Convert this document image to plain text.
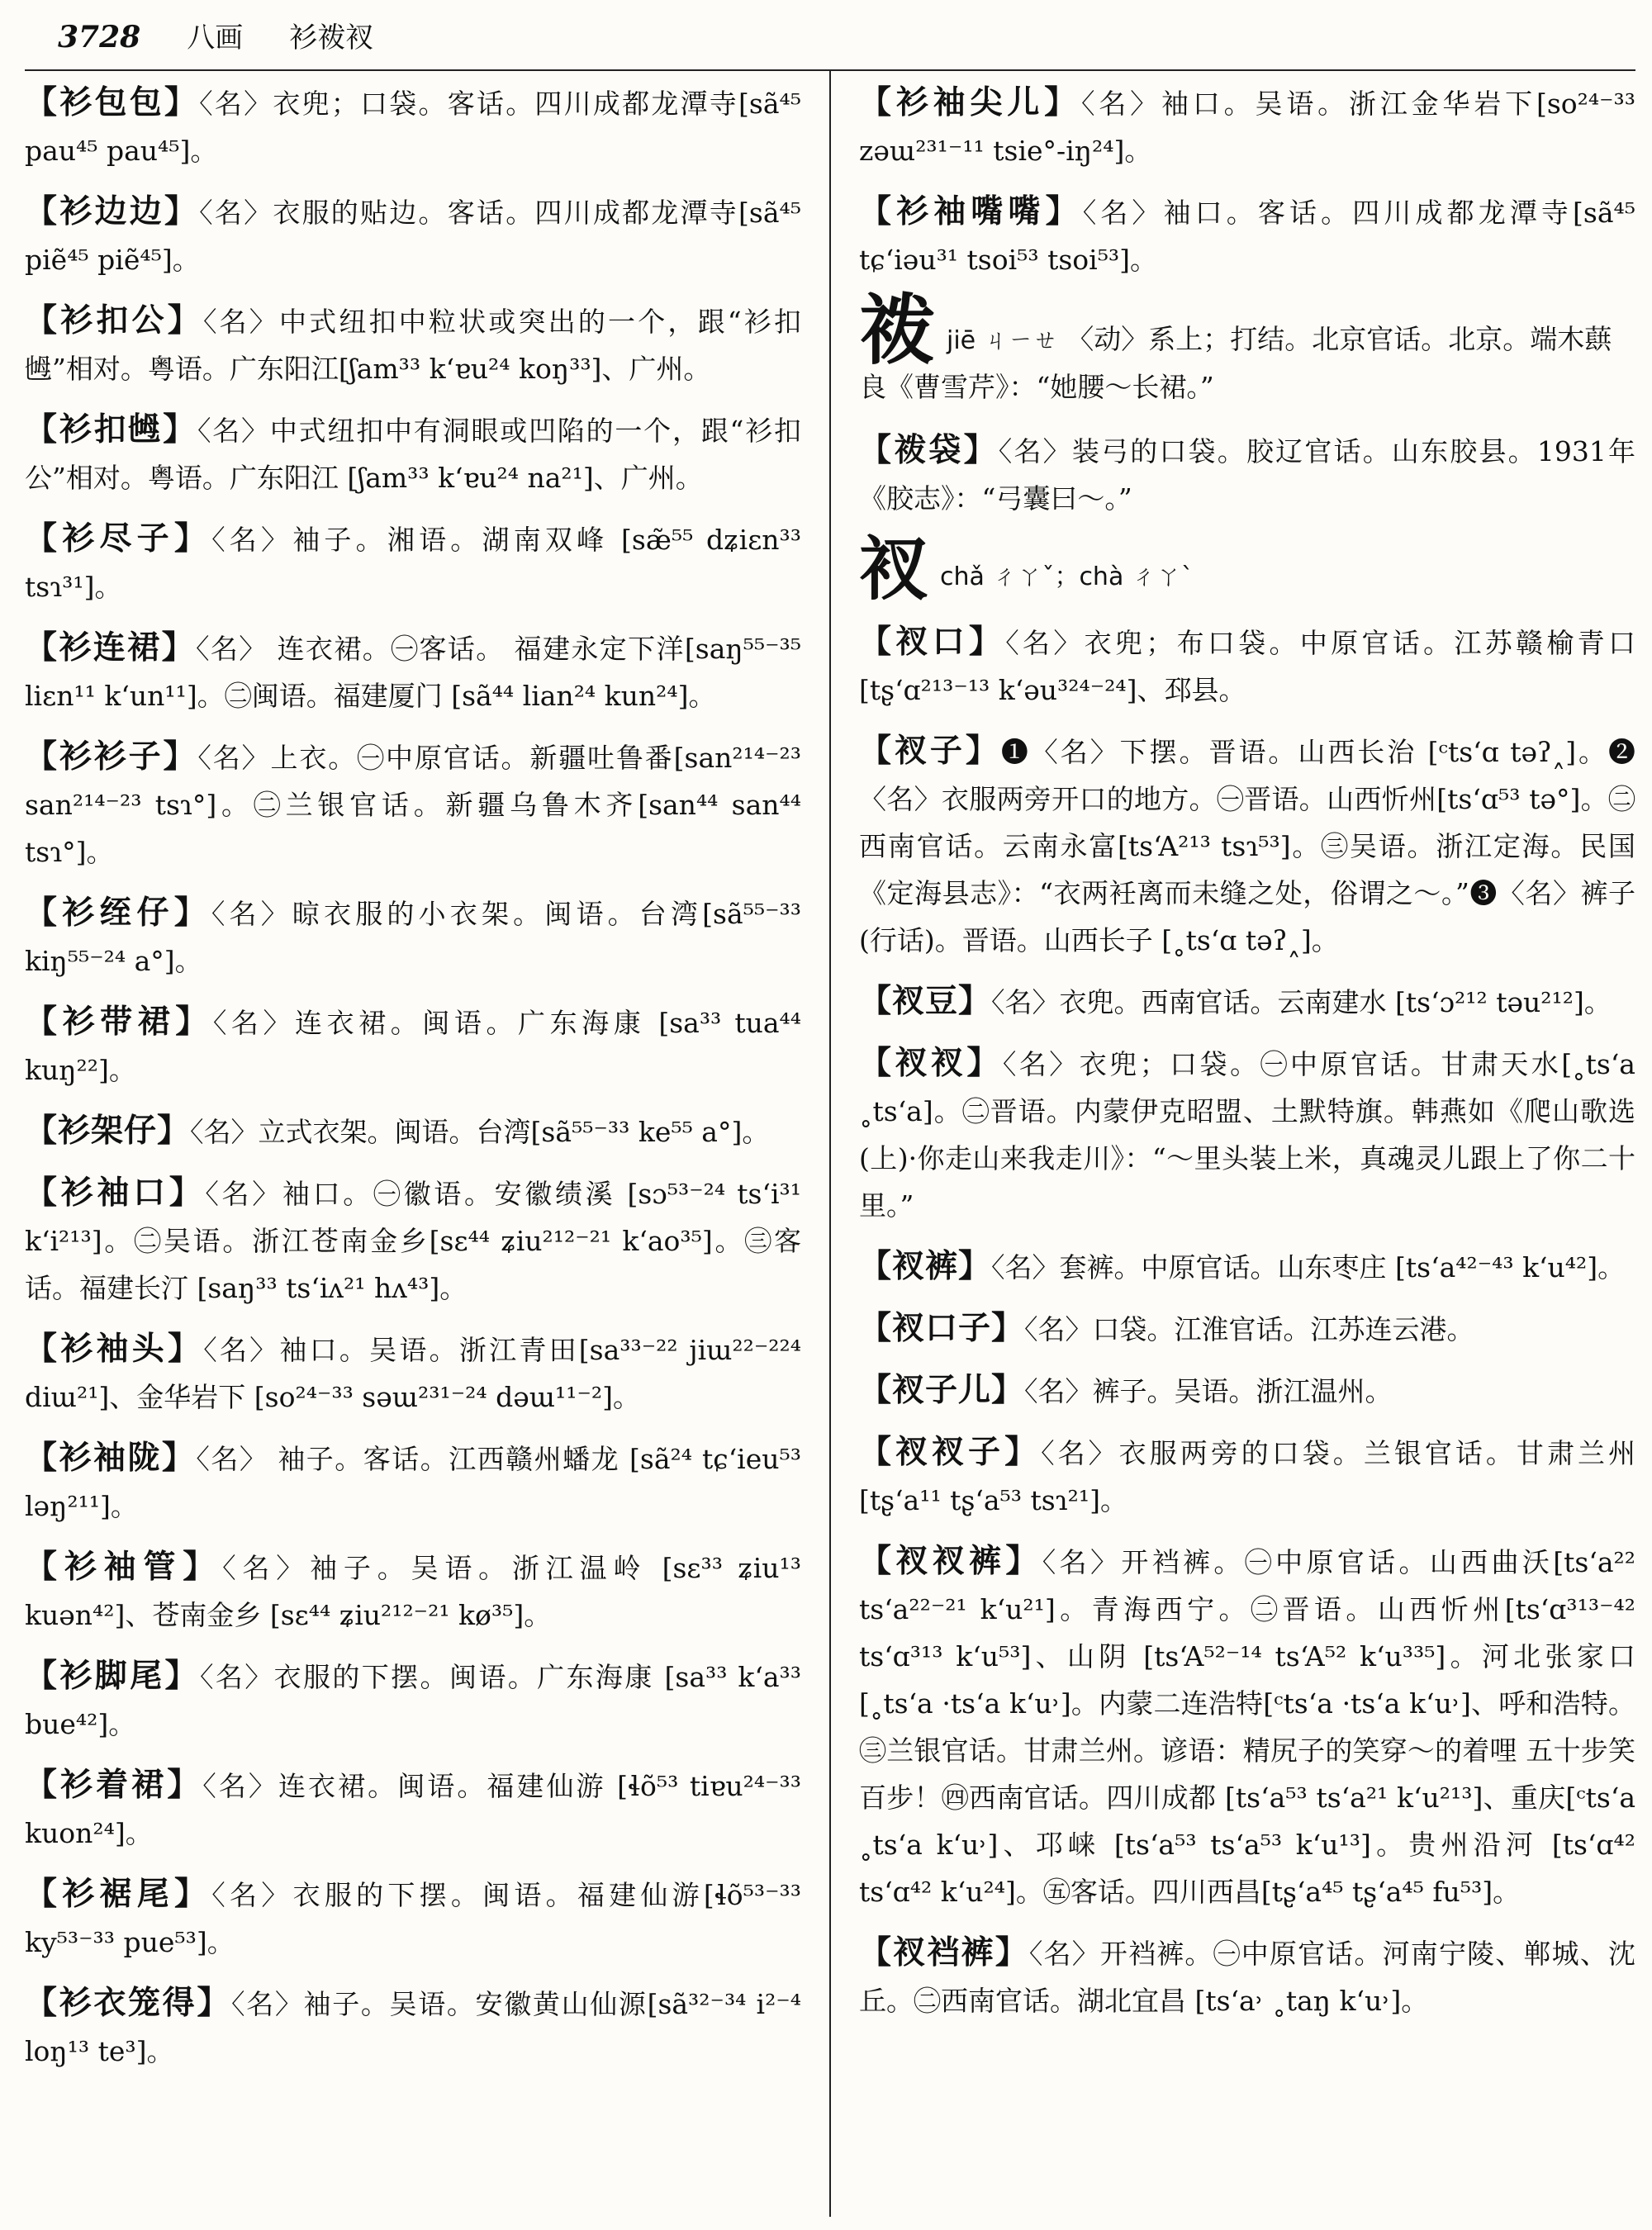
3728 八画 衫袯衩
【衫包包】〈名〉衣兜；口袋。客话。四川成都龙潭寺[sã⁴⁵ pau⁴⁵ pau⁴⁵]。
【衫边边】〈名〉衣服的贴边。客话。四川成都龙潭寺[sã⁴⁵ piẽ⁴⁵ piẽ⁴⁵]。
【衫扣公】〈名〉中式纽扣中粒状或突出的一个，跟“衫扣乸”相对。粤语。广东阳江[ʃam³³ k‘ɐu²⁴ koŋ³³]、广州。
【衫扣乸】〈名〉中式纽扣中有洞眼或凹陷的一个，跟“衫扣公”相对。粤语。广东阳江 [ʃam³³ k‘ɐu²⁴ na²¹]、广州。
【衫尽子】〈名〉袖子。湘语。湖南双峰 [sæ̃⁵⁵ dʑiɛn³³ tsɿ³¹]。
【衫连裙】〈名〉 连衣裙。㊀客话。 福建永定下洋[saŋ⁵⁵⁻³⁵ liɛn¹¹ k‘un¹¹]。㊁闽语。福建厦门 [sã⁴⁴ lian²⁴ kun²⁴]。
【衫衫子】〈名〉上衣。㊀中原官话。新疆吐鲁番[san²¹⁴⁻²³ san²¹⁴⁻²³ tsɿ°]。㊁兰银官话。新疆乌鲁木齐[san⁴⁴ san⁴⁴ tsɿ°]。
【衫绖仔】〈名〉晾衣服的小衣架。闽语。台湾[sã⁵⁵⁻³³ kiŋ⁵⁵⁻²⁴ a°]。
【衫带裙】〈名〉连衣裙。闽语。广东海康 [sa³³ tua⁴⁴ kuŋ²²]。
【衫架仔】〈名〉立式衣架。闽语。台湾[sã⁵⁵⁻³³ ke⁵⁵ a°]。
【衫袖口】〈名〉袖口。㊀徽语。安徽绩溪 [sɔ⁵³⁻²⁴ ts‘i³¹ k‘i²¹³]。㊁吴语。浙江苍南金乡[sɛ⁴⁴ ʑiu²¹²⁻²¹ k‘ao³⁵]。㊂客话。福建长汀 [saŋ³³ ts‘iʌ²¹ hʌ⁴³]。
【衫袖头】〈名〉袖口。吴语。浙江青田[sa³³⁻²² jiɯ²²⁻²²⁴ diɯ²¹]、金华岩下 [so²⁴⁻³³ səɯ²³¹⁻²⁴ dəɯ¹¹⁻²]。
【衫袖陇】〈名〉 袖子。客话。江西赣州蟠龙 [sã²⁴ tɕ‘ieu⁵³ ləŋ²¹¹]。
【衫袖管】〈名〉袖子。吴语。浙江温岭 [sɛ³³ ʑiu¹³ kuən⁴²]、苍南金乡 [sɛ⁴⁴ ʑiu²¹²⁻²¹ kø³⁵]。
【衫脚尾】〈名〉衣服的下摆。闽语。广东海康 [sa³³ k‘a³³ bue⁴²]。
【衫着裙】〈名〉连衣裙。闽语。福建仙游 [ɬõ⁵³ tiɐu²⁴⁻³³ kuon²⁴]。
【衫裾尾】〈名〉衣服的下摆。闽语。福建仙游[ɬõ⁵³⁻³³ ky⁵³⁻³³ pue⁵³]。
【衫衣笼得】〈名〉袖子。吴语。安徽黄山仙源[sã³²⁻³⁴ i²⁻⁴ loŋ¹³ te³]。
【衫袖尖儿】〈名〉袖口。吴语。浙江金华岩下[so²⁴⁻³³ zəɯ²³¹⁻¹¹ tsie°-iŋ²⁴]。
【衫袖嘴嘴】〈名〉袖口。客话。四川成都龙潭寺[sã⁴⁵ tɕ‘iəu³¹ tsoi⁵³ tsoi⁵³]。
袯jiē ㄐㄧㄝ 〈动〉系上；打结。北京官话。北京。端木蕻良《曹雪芹》：“她腰～长裙。”
【袯袋】〈名〉装弓的口袋。胶辽官话。山东胶县。1931年《胶志》：“弓囊曰～。”
衩chǎ ㄔㄚˇ；chà ㄔㄚˋ
【衩口】〈名〉衣兜；布口袋。中原官话。江苏赣榆青口[tʂ‘ɑ²¹³⁻¹³ k‘əu³²⁴⁻²⁴]、邳县。
【衩子】❶〈名〉下摆。晋语。山西长治 [ᶜts‘ɑ təʔ˰]。❷〈名〉衣服两旁开口的地方。㊀晋语。山西忻州[ts‘ɑ⁵³ tə°]。㊁西南官话。云南永富[ts‘A²¹³ tsɿ⁵³]。㊂吴语。浙江定海。民国《定海县志》：“衣两衽离而未缝之处，俗谓之～。”❸〈名〉裤子 (行话)。晋语。山西长子 [˳ts‘ɑ təʔ˰]。
【衩豆】〈名〉衣兜。西南官话。云南建水 [ts‘ɔ²¹² təu²¹²]。
【衩衩】〈名〉衣兜；口袋。㊀中原官话。甘肃天水[˳ts‘a ˳ts‘a]。㊁晋语。内蒙伊克昭盟、土默特旗。韩燕如《爬山歌选(上)·你走山来我走川》：“～里头装上米，真魂灵儿跟上了你二十里。”
【衩裤】〈名〉套裤。中原官话。山东枣庄 [ts‘a⁴²⁻⁴³ k‘u⁴²]。
【衩口子】〈名〉口袋。江淮官话。江苏连云港。
【衩子儿】〈名〉裤子。吴语。浙江温州。
【衩衩子】〈名〉衣服两旁的口袋。兰银官话。甘肃兰州 [tʂ‘a¹¹ tʂ‘a⁵³ tsɿ²¹]。
【衩衩裤】〈名〉开裆裤。㊀中原官话。山西曲沃[ts‘a²² ts‘a²²⁻²¹ k‘u²¹]。青海西宁。㊁晋语。山西忻州[ts‘ɑ³¹³⁻⁴² ts‘ɑ³¹³ k‘u⁵³]、山阴 [ts‘A⁵²⁻¹⁴ ts‘A⁵² k‘u³³⁵]。河北张家口[˳ts‘a ·ts‘a k‘u˒]。内蒙二连浩特[ᶜts‘a ·ts‘a k‘u˒]、呼和浩特。㊂兰银官话。甘肃兰州。谚语：精尻子的笑穿～的着哩 五十步笑百步！㊃西南官话。四川成都 [ts‘a⁵³ ts‘a²¹ k‘u²¹³]、重庆[ᶜts‘a ˳ts‘a k‘u˒]、邛崃 [ts‘a⁵³ ts‘a⁵³ k‘u¹³]。贵州沿河 [ts‘ɑ⁴² ts‘ɑ⁴² k‘u²⁴]。㊄客话。四川西昌[tʂ‘a⁴⁵ tʂ‘a⁴⁵ fu⁵³]。
【衩裆裤】〈名〉开裆裤。㊀中原官话。河南宁陵、郸城、沈丘。㊁西南官话。湖北宜昌 [ts‘a˒ ˳taŋ k‘u˒]。
